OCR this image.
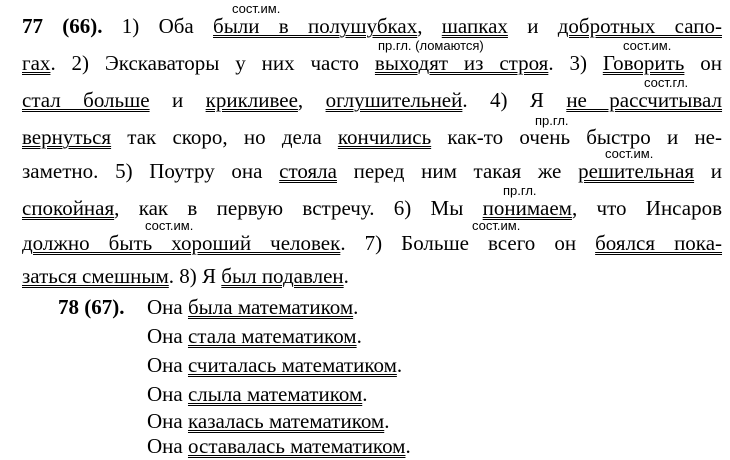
сост.им.
пр.гл. (ломаются)	сост.им.
сост.гл.
пр.гл.
сост.им.
пр.гл.
сост.им.	сост.им.
77 (66). 1) Оба были в полушубках, шапках и добротных сапо-
гах. 2) Экскаваторы у них часто выходят из строя. 3) Говорить он
стал больше и крикливее, оглушительней. 4) Я не рассчитывал
вернуться так скоро, но дела кончились как-то очень быстро и не-
заметно. 5) Поутру она стояла перед ним такая же решительная и
спокойная, как в первую встречу. 6) Мы понимаем, что Инсаров
должно быть хороший человек. 7) Больше всего он боялся пока-
заться смешным. 8) Я был подавлен.
78 (67).	Она была математиком.
Она стала математиком.
Она считалась математиком.
Она слыла математиком.
Она казалась математиком.
Она оставалась математиком.
